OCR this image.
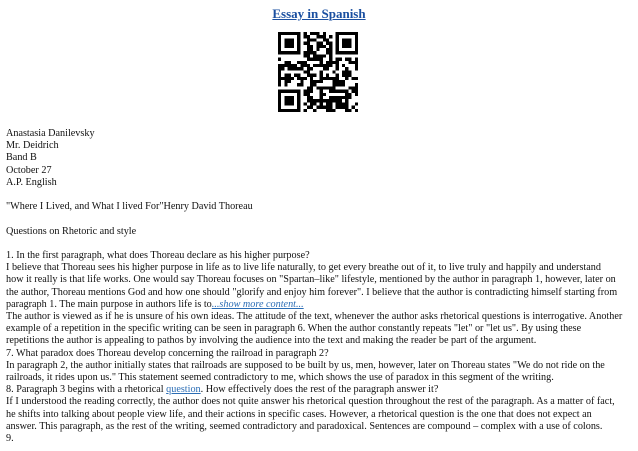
Essay in Spanish
Anastasia Danilevsky
Mr. Deidrich
Band B
October 27
A.P. English
"Where I Lived, and What I lived For"Henry David Thoreau
Questions on Rhetoric and style
1. In the first paragraph, what does Thoreau declare as his higher purpose?
I believe that Thoreau sees his higher purpose in life as to live life naturally, to get every breathe out of it, to live truly and happily and understand
how it really is that life works. One would say Thoreau focuses on "Spartan–like" lifestyle, mentioned by the author in paragraph 1, however, later on
the author, Thoreau mentions God and how one should "glorify and enjoy him forever". I believe that the author is contradicting himself starting from
paragraph 1. The main purpose in authors life is to...show more content...
The author is viewed as if he is unsure of his own ideas. The attitude of the text, whenever the author asks rhetorical questions is interrogative. Another
example of a repetition in the specific writing can be seen in paragraph 6. When the author constantly repeats "let" or "let us". By using these
repetitions the author is appealing to pathos by involving the audience into the text and making the reader be part of the argument.
7. What paradox does Thoreau develop concerning the railroad in paragraph 2?
In paragraph 2, the author initially states that railroads are supposed to be built by us, men, however, later on Thoreau states "We do not ride on the
railroads, it rides upon us." This statement seemed contradictory to me, which shows the use of paradox in this segment of the writing.
8. Paragraph 3 begins with a rhetorical question. How effectively does the rest of the paragraph answer it?
If I understood the reading correctly, the author does not quite answer his rhetorical question throughout the rest of the paragraph. As a matter of fact,
he shifts into talking about people view life, and their actions in specific cases. However, a rhetorical question is the one that does not expect an
answer. This paragraph, as the rest of the writing, seemed contradictory and paradoxical. Sentences are compound – complex with a use of colons.
9.
